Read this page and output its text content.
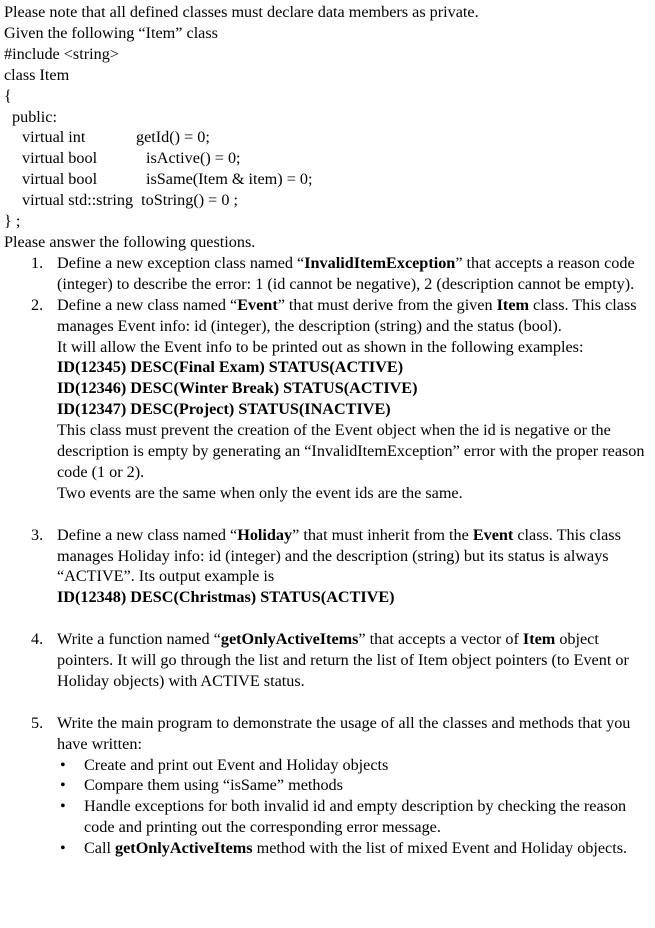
Please note that all defined classes must declare data members as private.
Given the following “Item” class
#include <string>
class Item
{
public:
virtual int	getId() = 0;
virtual bool	isActive() = 0;
virtual bool	isSame(Item & item) = 0;
virtual std::string  toString() = 0 ;
} ;
Please answer the following questions.
1. Define a new exception class named “InvalidItemException” that accepts a reason code (integer) to describe the error: 1 (id cannot be negative), 2 (description cannot be empty).
2. Define a new class named “Event” that must derive from the given Item class. This class manages Event info: id (integer), the description (string) and the status (bool).
It will allow the Event info to be printed out as shown in the following examples:
ID(12345) DESC(Final Exam) STATUS(ACTIVE)
ID(12346) DESC(Winter Break) STATUS(ACTIVE)
ID(12347) DESC(Project) STATUS(INACTIVE)
This class must prevent the creation of the Event object when the id is negative or the description is empty by generating an “InvalidItemException” error with the proper reason code (1 or 2).
Two events are the same when only the event ids are the same.
3. Define a new class named “Holiday” that must inherit from the Event class. This class manages Holiday info: id (integer) and the description (string) but its status is always “ACTIVE”. Its output example is
ID(12348) DESC(Christmas) STATUS(ACTIVE)
4. Write a function named “getOnlyActiveItems” that accepts a vector of Item object pointers. It will go through the list and return the list of Item object pointers (to Event or Holiday objects) with ACTIVE status.
5. Write the main program to demonstrate the usage of all the classes and methods that you have written:
• Create and print out Event and Holiday objects
• Compare them using “isSame” methods
• Handle exceptions for both invalid id and empty description by checking the reason code and printing out the corresponding error message.
• Call getOnlyActiveItems method with the list of mixed Event and Holiday objects.
